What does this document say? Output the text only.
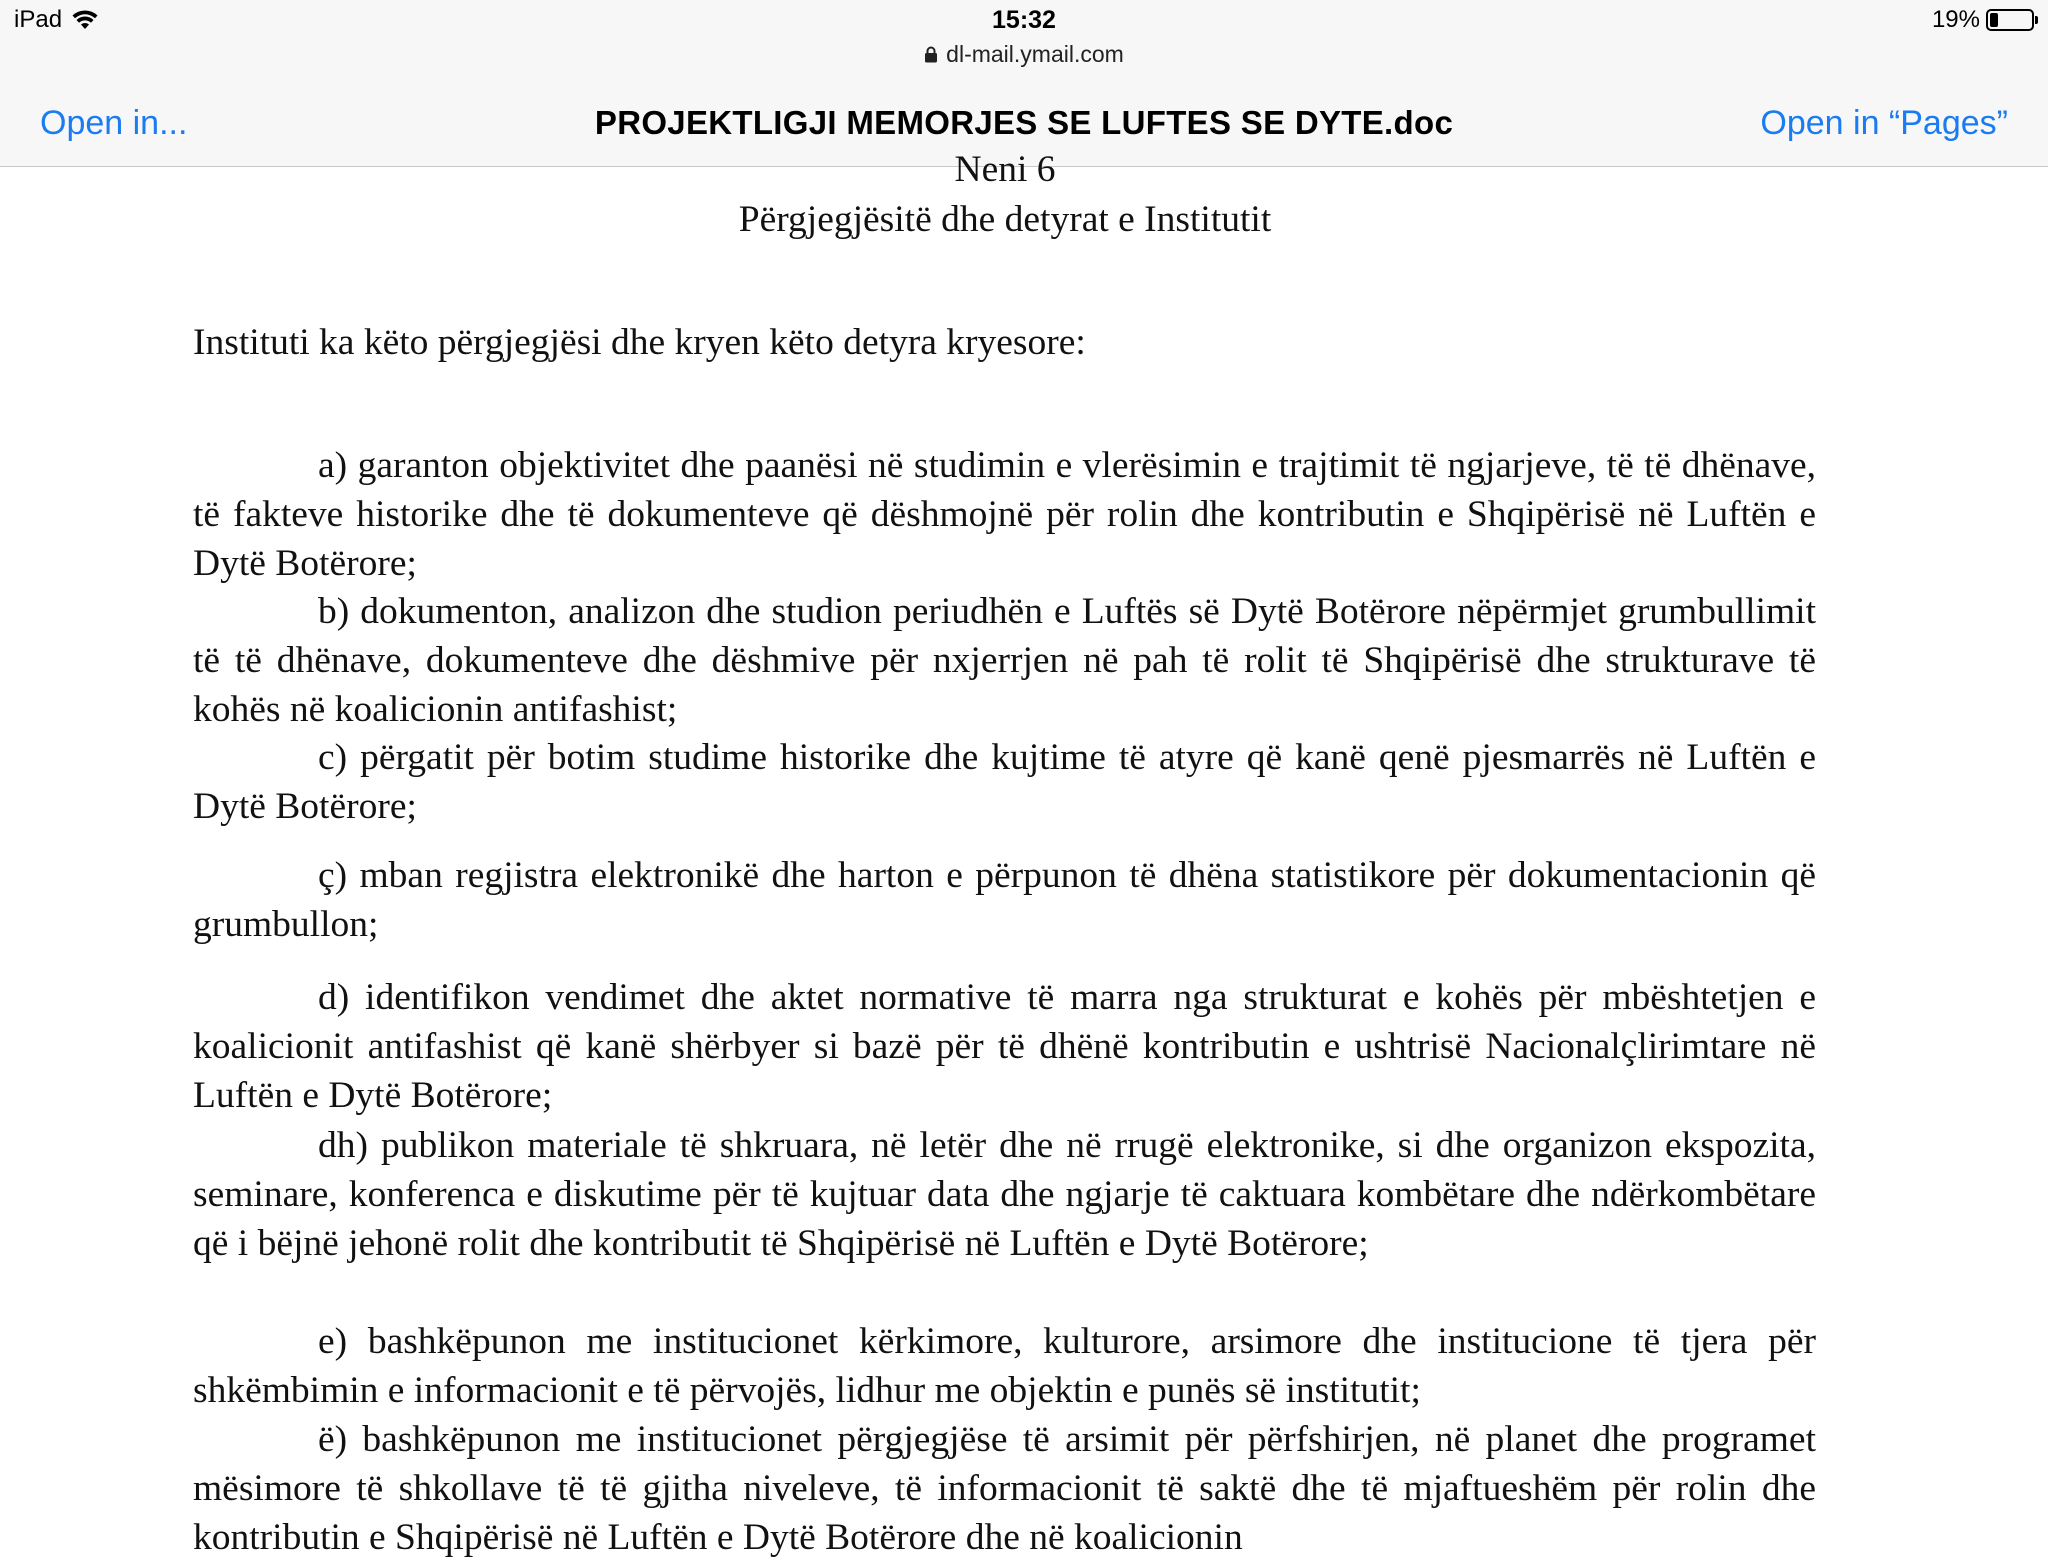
iPad	15:32
dl-mail.ymail.com
19%
Open in...	PROJEKTLIGJI MEMORJES SE LUFTES SE DYTE.doc	Open in “Pages”
Neni 6
Përgjegjësitë dhe detyrat e Institutit
Instituti ka këto përgjegjësi dhe kryen këto detyra kryesore:

a) garanton objektivitet dhe paanësi në studimin e vlerësimin e trajtimit të ngjarjeve, të të dhënave, të fakteve historike dhe të dokumenteve që dëshmojnë për rolin dhe kontributin e Shqipërisë në Luftën e Dytë Botërore;

b) dokumenton, analizon dhe studion periudhën e Luftës së Dytë Botërore nëpërmjet grumbullimit të të dhënave, dokumenteve dhe dëshmive për nxjerrjen në pah të rolit të Shqipërisë dhe strukturave të kohës në koalicionin antifashist;

c) përgatit për botim studime historike dhe kujtime të atyre që kanë qenë pjesmarrës në Luftën e Dytë Botërore;

ç) mban regjistra elektronikë dhe harton e përpunon të dhëna statistikore për dokumentacionin që grumbullon;

d) identifikon vendimet dhe aktet normative të marra nga strukturat e kohës për mbështetjen e koalicionit antifashist që kanë shërbyer si bazë për të dhënë kontributin e ushtrisë Nacionalçlirimtare në Luftën e Dytë Botërore;

dh) publikon materiale të shkruara, në letër dhe në rrugë elektronike, si dhe organizon ekspozita, seminare, konferenca e diskutime për të kujtuar data dhe ngjarje të caktuara kombëtare dhe ndërkombëtare që i bëjnë jehonë rolit dhe kontributit të Shqipërisë në Luftën e Dytë Botërore;

e) bashkëpunon me institucionet kërkimore, kulturore, arsimore dhe institucione të tjera për shkëmbimin e informacionit e të përvojës, lidhur me objektin e punës së institutit;

ë) bashkëpunon me institucionet përgjegjëse të arsimit për përfshirjen, në planet dhe programet mësimore të shkollave të të gjitha niveleve, të informacionit të saktë dhe të mjaftueshëm për rolin dhe kontributin e Shqipërisë në Luftën e Dytë Botërore dhe në koalicionin
